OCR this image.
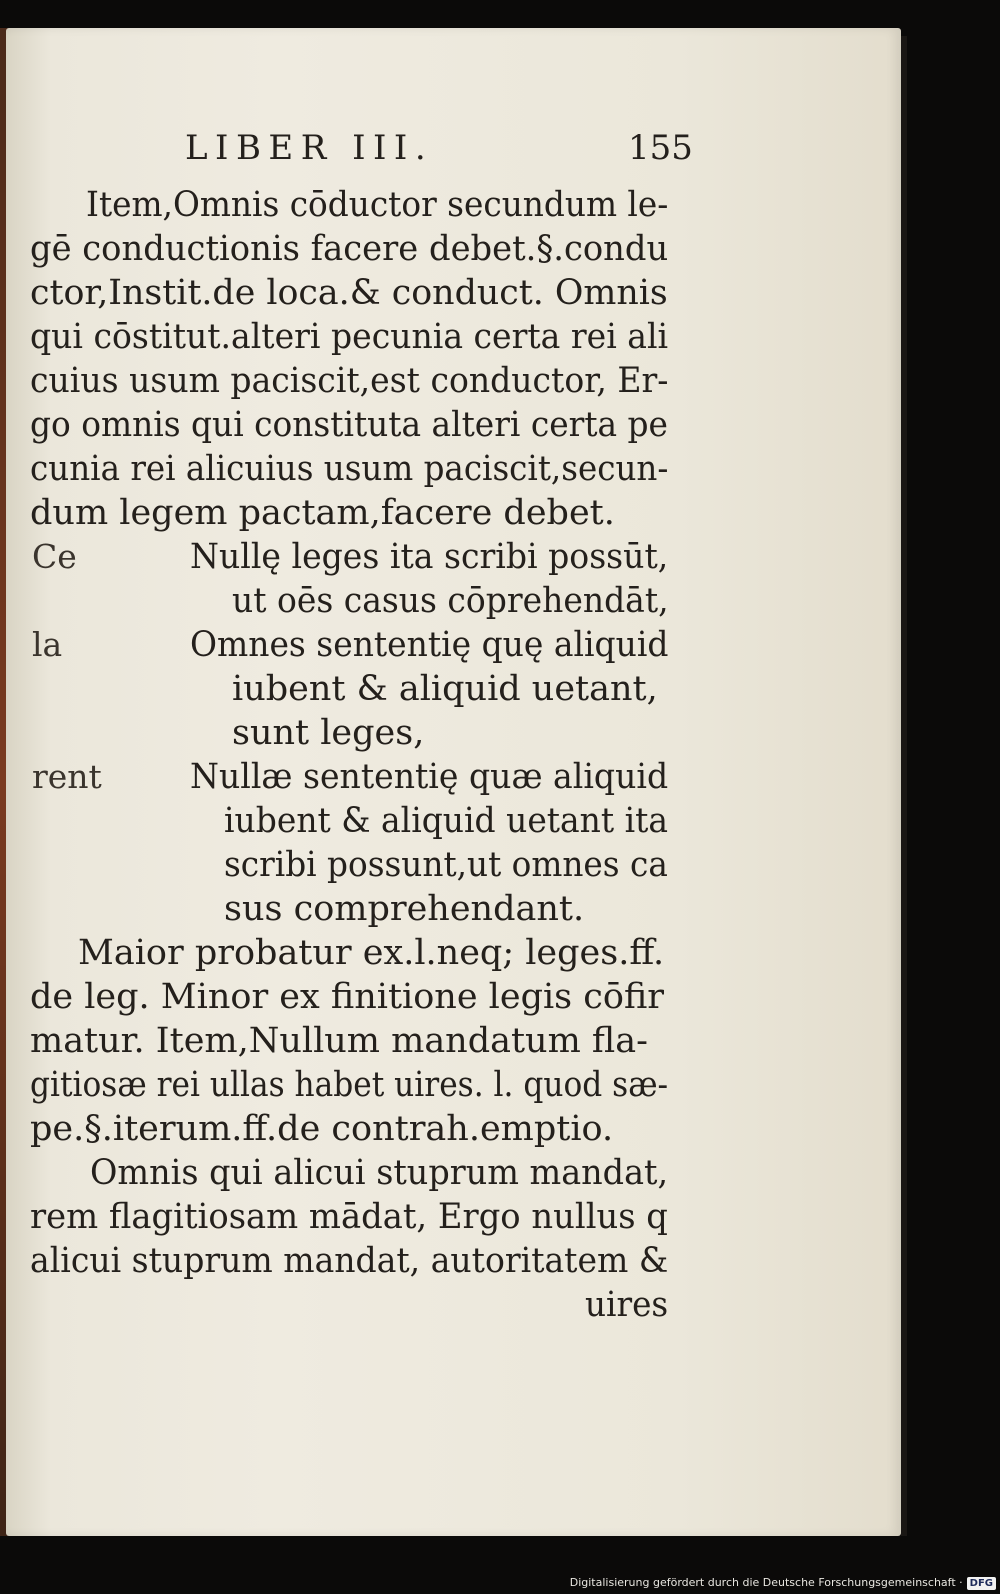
LIBER III.	155
Item,Omnis cōductor secundum le-
gē conductionis facere debet.§.condu
ctor,Instit.de loca.& conduct. Omnis
qui cōstitut.alteri pecunia certa rei ali
cuius usum paciscit,est conductor, Er-
go omnis qui constituta alteri certa pe
cunia rei alicuius usum paciscit,secun-
dum legem pactam,facere debet.
Ce	Nullę leges ita scribi possūt,
ut oēs casus cōprehendāt,
la	Omnes sententię quę aliquid
iubent & aliquid uetant,
sunt leges,
rent	Nullæ sententię quæ aliquid
iubent & aliquid uetant ita
scribi possunt,ut omnes ca
sus comprehendant.
Maior probatur ex.l.neq; leges.ff.
de leg. Minor ex finitione legis cōfir
matur. Item,Nullum mandatum fla-
gitiosæ rei ullas habet uires. l. quod sæ-
pe.§.iterum.ff.de contrah.emptio.
Omnis qui alicui stuprum mandat,
rem flagitiosam mādat, Ergo nullus q
alicui stuprum mandat, autoritatem &
uires
Digitalisierung gefördert durch die Deutsche Forschungsgemeinschaft · DFG
